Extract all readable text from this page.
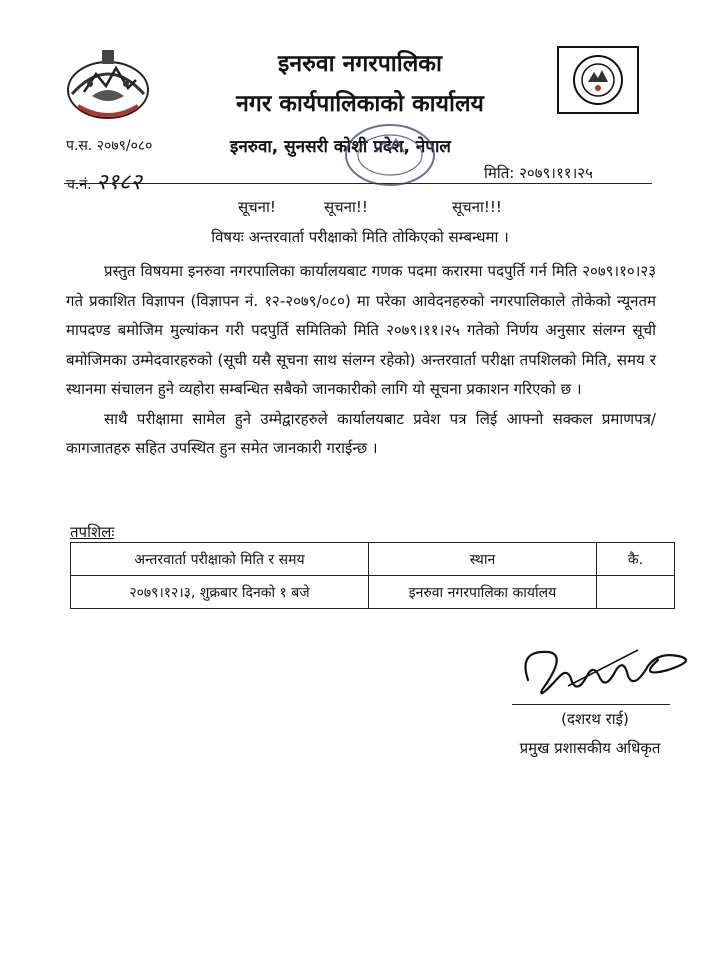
इनरुवा नगरपालिका
नगर कार्यपालिकाको कार्यालय
प.स. २०७९/०८०	इनरुवा, सुनसरी कोशी प्रदेश, नेपाल
च.नं. २१८२	मिति: २०७९।११।२५
सूचना!	सूचना!!	सूचना!!!
विषयः अन्तरवार्ता परीक्षाको मिति तोकिएको सम्बन्धमा ।

प्रस्तुत विषयमा इनरुवा नगरपालिका कार्यालयबाट गणक पदमा करारमा पदपुर्ति गर्न मिति २०७९।१०।२३ गते प्रकाशित विज्ञापन (विज्ञापन नं. १२-२०७९/०८०) मा परेका आवेदनहरुको नगरपालिकाले तोकेको न्यूनतम मापदण्ड बमोजिम मुल्यांकन गरी पदपुर्ति समितिको मिति २०७९।११।२५ गतेको निर्णय अनुसार संलग्न सूची बमोजिमका उम्मेदवारहरुको (सूची यसै सूचना साथ संलग्न रहेको) अन्तरवार्ता परीक्षा तपशिलको मिति, समय र स्थानमा संचालन हुने व्यहोरा सम्बन्धित सबैको जानकारीको लागि यो सूचना प्रकाशन गरिएको छ ।

साथै परीक्षामा सामेल हुने उम्मेद्वारहरुले कार्यालयबाट प्रवेश पत्र लिई आफ्नो सक्कल प्रमाणपत्र/कागजातहरु सहित उपस्थित हुन समेत जानकारी गराईन्छ ।

तपशिलः
अन्तरवार्ता परीक्षाको मिति र समय	स्थान	कै.
२०७९।१२।३, शुक्रबार दिनको १ बजे	इनरुवा नगरपालिका कार्यालय	
(दशरथ राई)
प्रमुख प्रशासकीय अधिकृत
